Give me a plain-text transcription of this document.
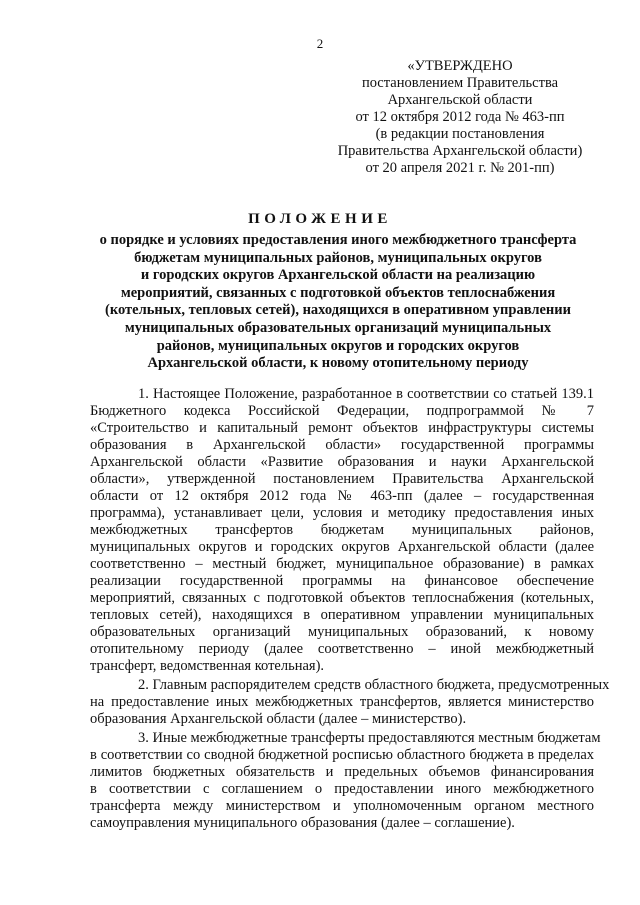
2
«УТВЕРЖДЕНО
постановлением Правительства
Архангельской области
от 12 октября 2012 года № 463-пп
(в редакции постановления
Правительства Архангельской области)
от 20 апреля 2021 г. № 201-пп)
ПОЛОЖЕНИЕ
о порядке и условиях предоставления иного межбюджетного трансферта
бюджетам муниципальных районов, муниципальных округов
и городских округов Архангельской области на реализацию
мероприятий, связанных с подготовкой объектов теплоснабжения
(котельных, тепловых сетей), находящихся в оперативном управлении
муниципальных образовательных организаций муниципальных
районов, муниципальных округов и городских округов
Архангельской области, к новому отопительному периоду
1. Настоящее Положение, разработанное в соответствии со статьей 139.1
Бюджетного кодекса Российской Федерации, подпрограммой № 7
«Строительство и капитальный ремонт объектов инфраструктуры системы
образования в Архангельской области» государственной программы
Архангельской области «Развитие образования и науки Архангельской
области», утвержденной постановлением Правительства Архангельской
области от 12 октября 2012 года № 463-пп (далее – государственная
программа), устанавливает цели, условия и методику предоставления иных
межбюджетных трансфертов бюджетам муниципальных районов,
муниципальных округов и городских округов Архангельской области (далее
соответственно – местный бюджет, муниципальное образование) в рамках
реализации государственной программы на финансовое обеспечение
мероприятий, связанных с подготовкой объектов теплоснабжения (котельных,
тепловых сетей), находящихся в оперативном управлении муниципальных
образовательных организаций муниципальных образований, к новому
отопительному периоду (далее соответственно – иной межбюджетный
трансферт, ведомственная котельная).
2. Главным распорядителем средств областного бюджета, предусмотренных
на предоставление иных межбюджетных трансфертов, является министерство
образования Архангельской области (далее – министерство).
3. Иные межбюджетные трансферты предоставляются местным бюджетам
в соответствии со сводной бюджетной росписью областного бюджета в пределах
лимитов бюджетных обязательств и предельных объемов финансирования
в соответствии с соглашением о предоставлении иного межбюджетного
трансферта между министерством и уполномоченным органом местного
самоуправления муниципального образования (далее – соглашение).
